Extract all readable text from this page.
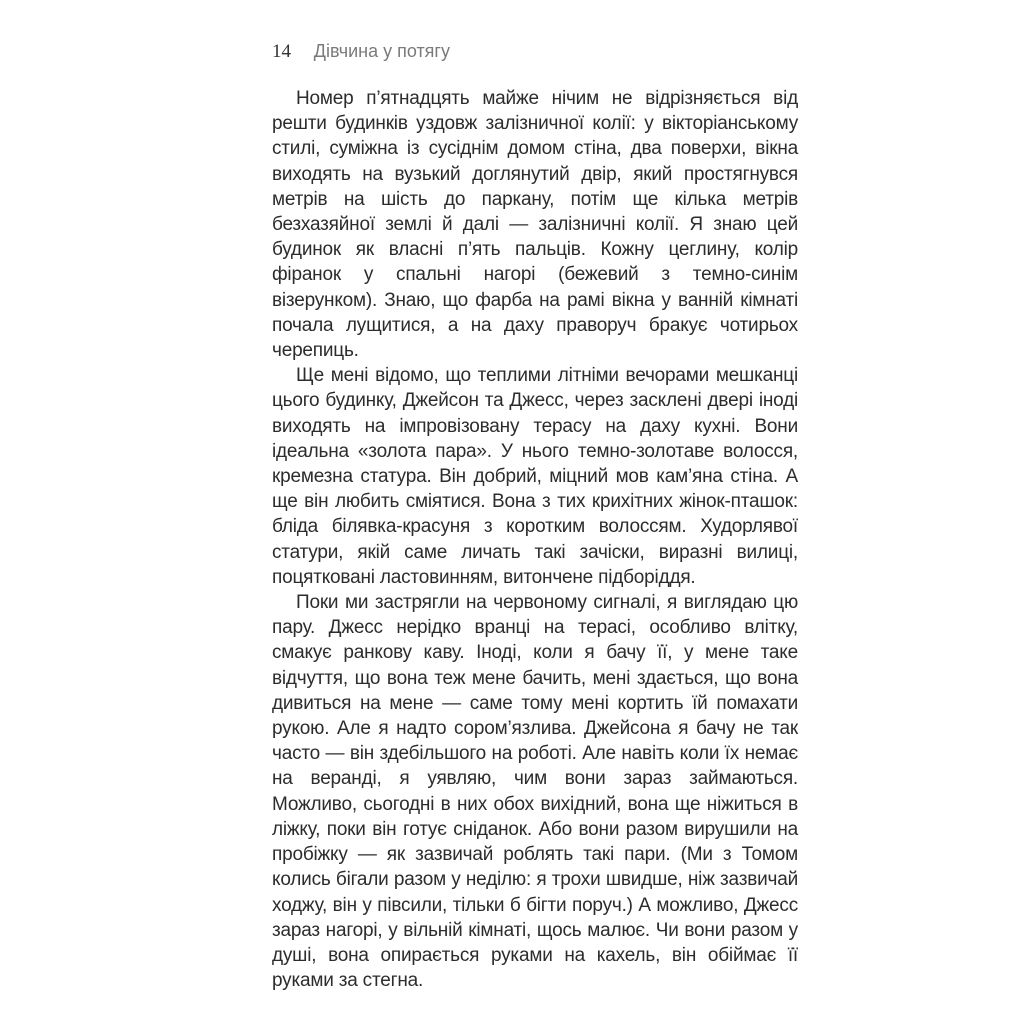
14 Дівчина у потягу

Номер п’ятнадцять майже нічим не відрізняється від решти будинків уздовж залізничної колії: у вікторіанському стилі, суміжна із сусіднім домом стіна, два поверхи, вікна виходять на вузький доглянутий двір, який простягнувся метрів на шість до паркану, потім ще кілька метрів безхазяйної землі й далі — залізничні колії. Я знаю цей будинок як власні п’ять пальців. Кожну цеглину, колір фіранок у спальні нагорі (бежевий з темно-синім візерунком). Знаю, що фарба на рамі вікна у ванній кімнаті почала лущитися, а на даху праворуч бракує чотирьох черепиць.

Ще мені відомо, що теплими літніми вечорами мешканці цього будинку, Джейсон та Джесс, через засклені двері іноді виходять на імпровізовану терасу на даху кухні. Вони ідеальна «золота пара». У нього темно-золотаве волосся, кремезна статура. Він добрий, міцний мов кам’яна стіна. А ще він любить сміятися. Вона з тих крихітних жінок-пташок: бліда білявка-красуня з коротким волоссям. Худорлявої статури, якій саме личать такі зачіски, виразні вилиці, поцятковані ластовинням, витончене підборіддя.

Поки ми застрягли на червоному сигналі, я виглядаю цю пару. Джесс нерідко вранці на терасі, особливо влітку, смакує ранкову каву. Іноді, коли я бачу її, у мене таке відчуття, що вона теж мене бачить, мені здається, що вона дивиться на мене — саме тому мені кортить їй помахати рукою. Але я надто сором’язлива. Джейсона я бачу не так часто — він здебільшого на роботі. Але навіть коли їх немає на веранді, я уявляю, чим вони зараз займаються. Можливо, сьогодні в них обох вихідний, вона ще ніжиться в ліжку, поки він готує сніданок. Або вони разом вирушили на пробіжку — як зазвичай роблять такі пари. (Ми з Томом колись бігали разом у неділю: я трохи швидше, ніж зазвичай ходжу, він у півсили, тільки б бігти поруч.) А можливо, Джесс зараз нагорі, у вільній кімнаті, щось малює. Чи вони разом у душі, вона опирається руками на кахель, він обіймає її руками за стегна.
